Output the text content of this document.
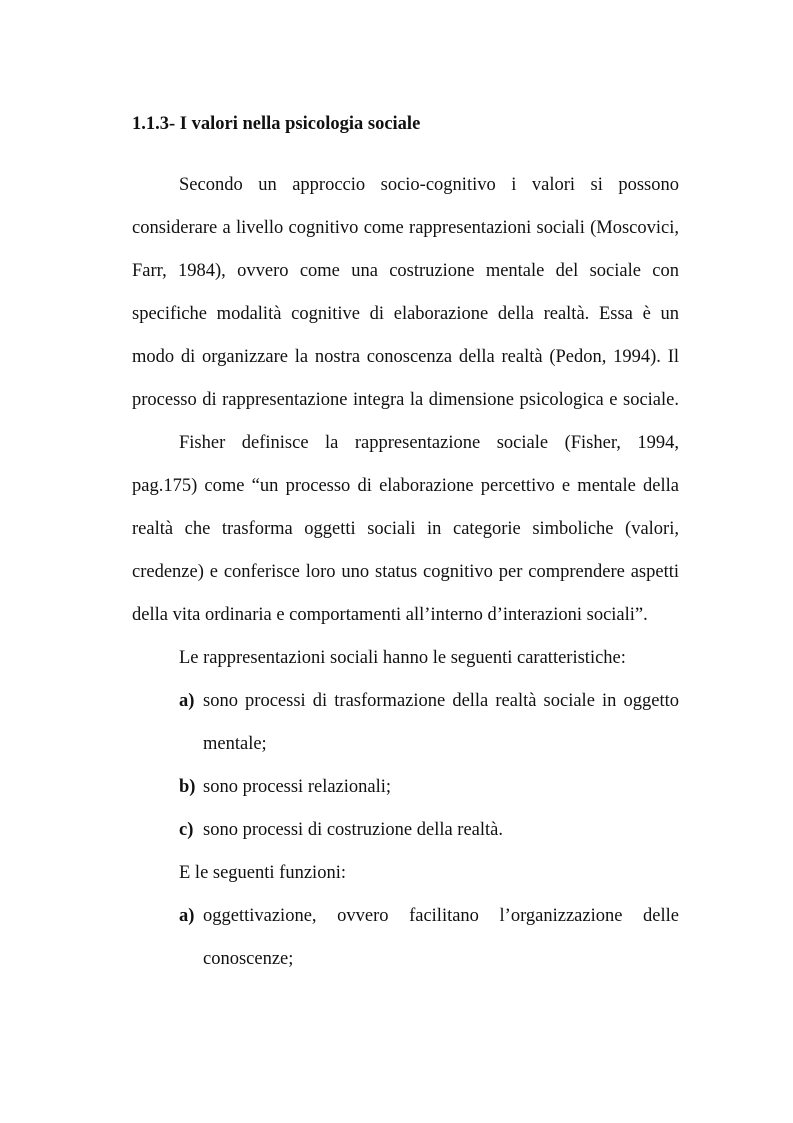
1.1.3- I valori nella psicologia sociale
Secondo un approccio socio-cognitivo i valori si possono
considerare a livello cognitivo come rappresentazioni sociali (Moscovici,
Farr, 1984), ovvero come una costruzione mentale del sociale con
specifiche modalità cognitive di elaborazione della realtà. Essa è un
modo di organizzare la nostra conoscenza della realtà (Pedon, 1994). Il
processo di rappresentazione integra la dimensione psicologica e sociale.
Fisher definisce la rappresentazione sociale (Fisher, 1994,
pag.175) come “un processo di elaborazione percettivo e mentale della
realtà che trasforma oggetti sociali in categorie simboliche (valori,
credenze) e conferisce loro uno status cognitivo per comprendere aspetti
della vita ordinaria e comportamenti all’interno d’interazioni sociali”.
Le rappresentazioni sociali hanno le seguenti caratteristiche:
a) sono processi di trasformazione della realtà sociale in oggetto
mentale;
b) sono processi relazionali;
c) sono processi di costruzione della realtà.
E le seguenti funzioni:
a) oggettivazione, ovvero facilitano l’organizzazione delle
conoscenze;
